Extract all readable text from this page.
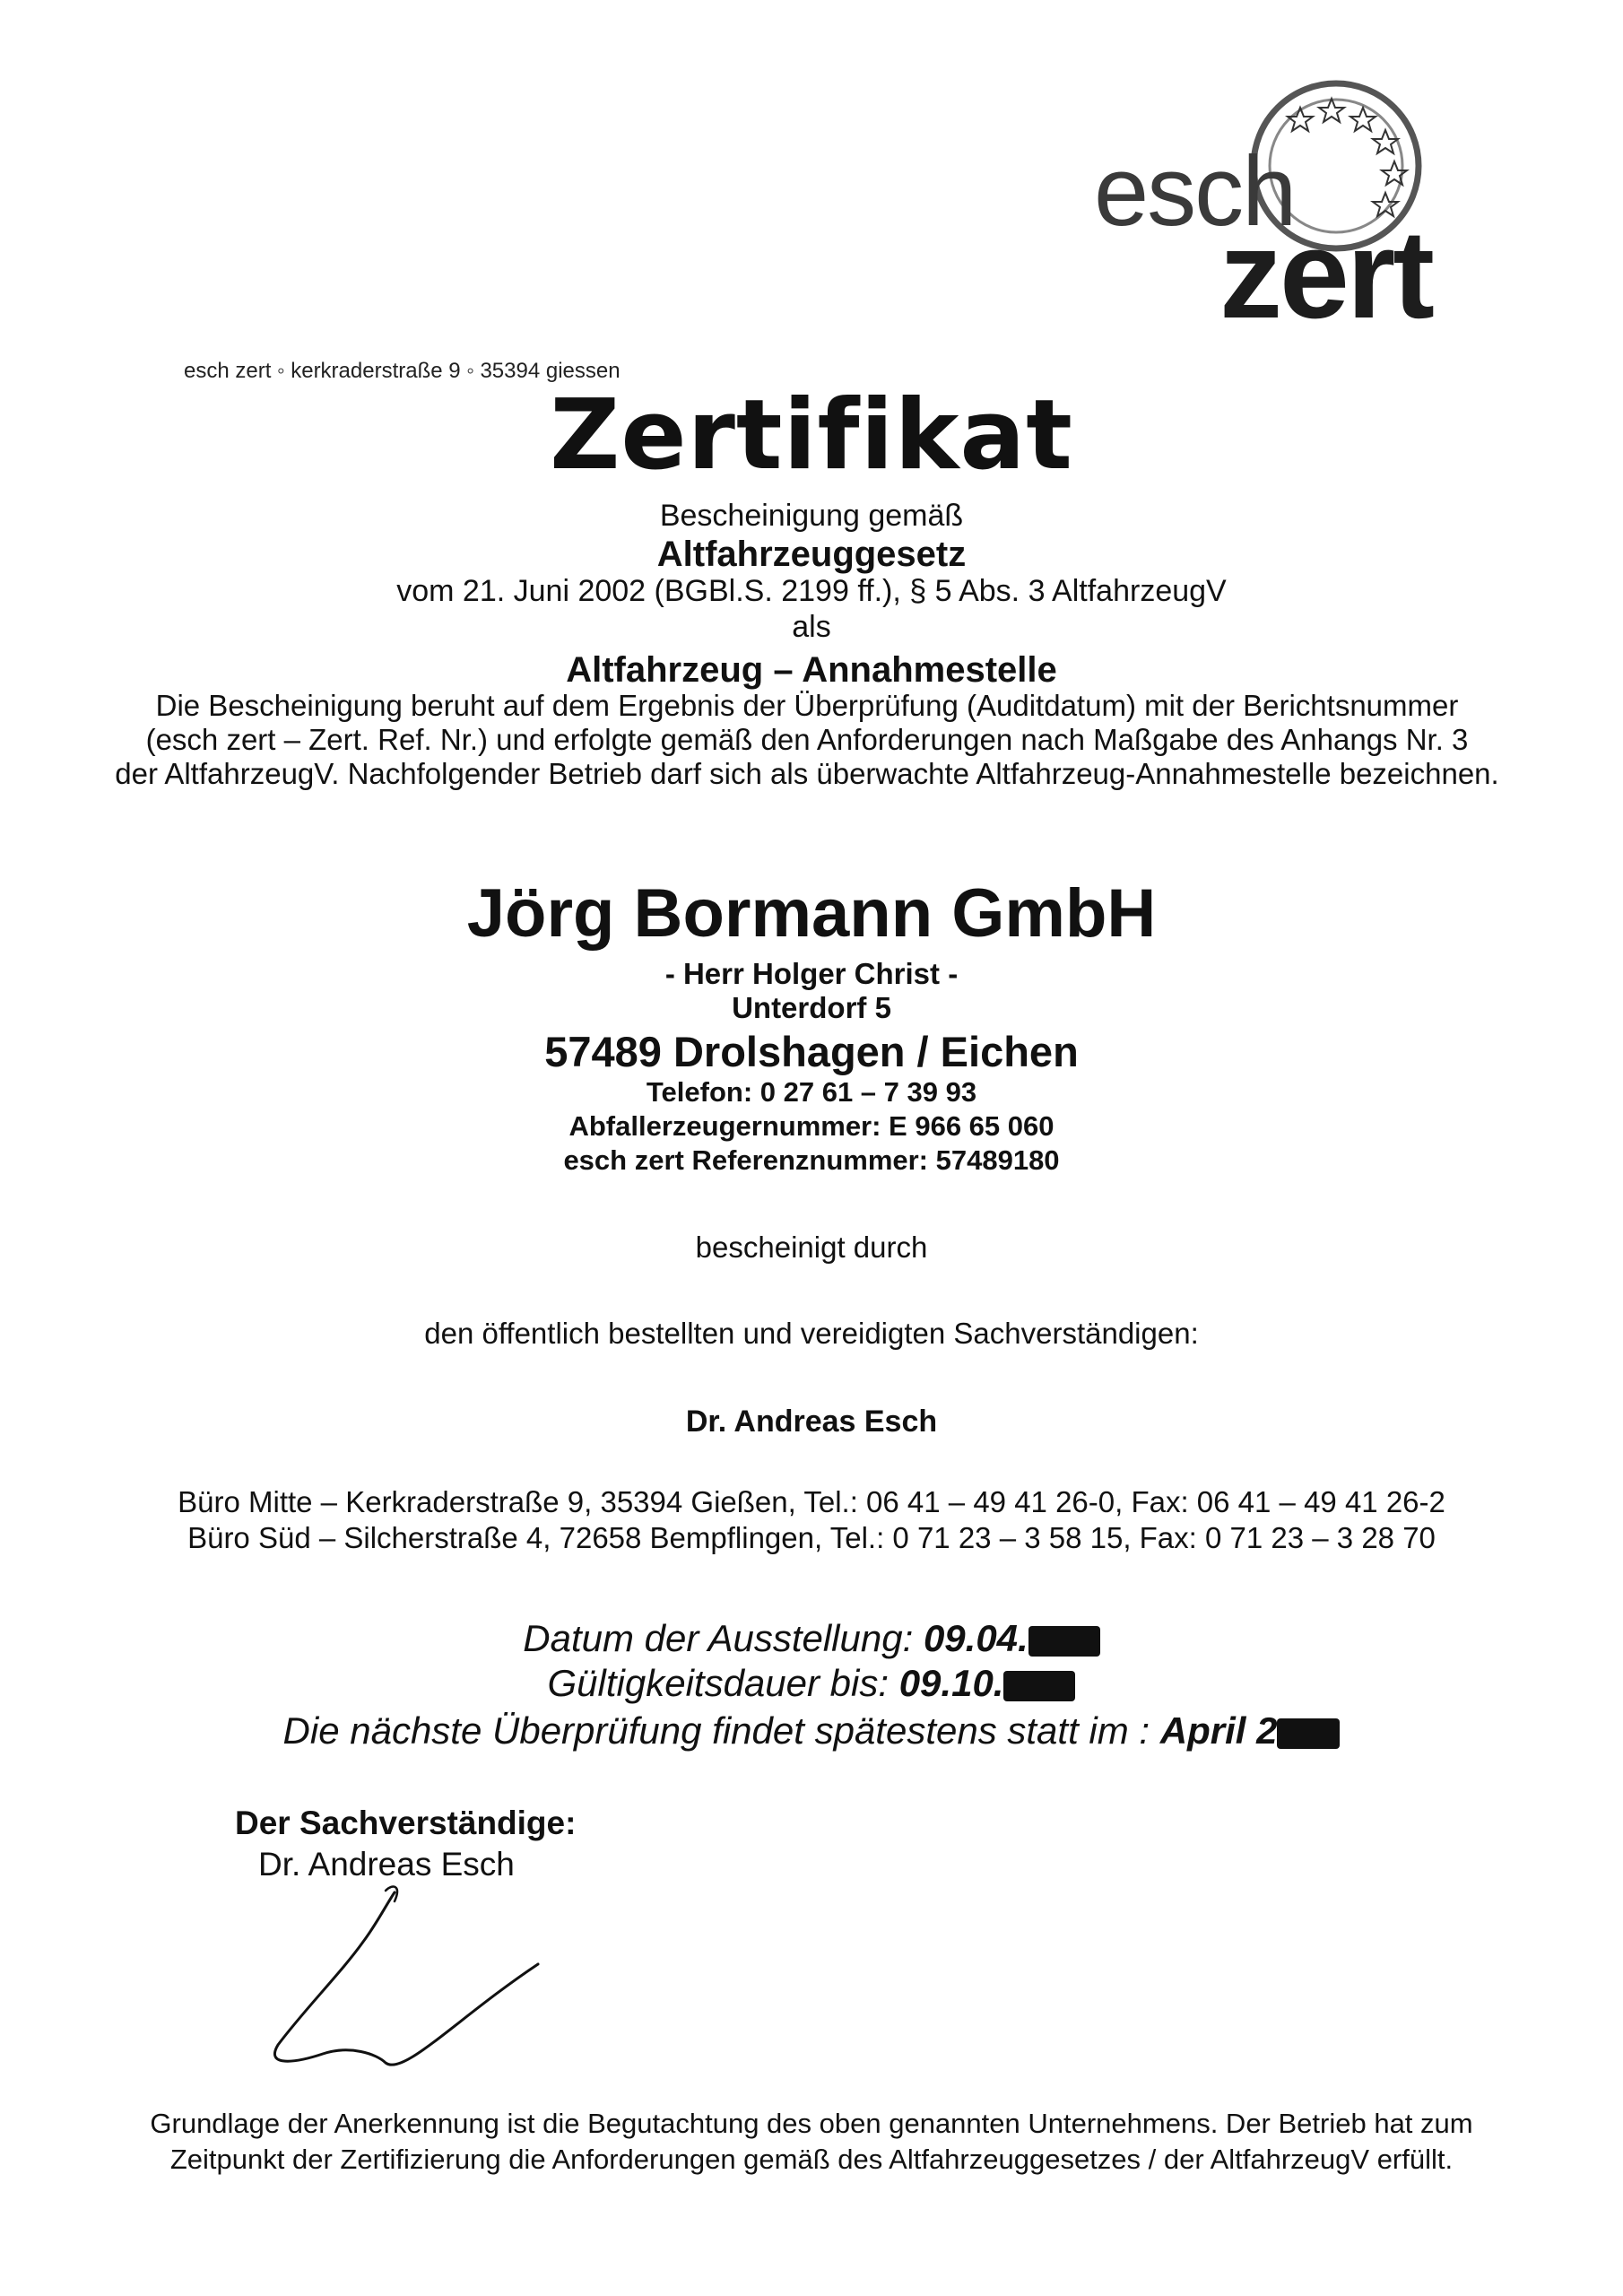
esch
zert
esch zert ◦ kerkraderstraße 9 ◦ 35394 giessen
Zertifikat
Bescheinigung gemäß
Altfahrzeuggesetz
vom 21. Juni 2002 (BGBl.S. 2199 ff.), § 5 Abs. 3 AltfahrzeugV
als
Altfahrzeug – Annahmestelle
Die Bescheinigung beruht auf dem Ergebnis der Überprüfung (Auditdatum) mit der Berichtsnummer
(esch zert – Zert. Ref. Nr.) und erfolgte gemäß den Anforderungen nach Maßgabe des Anhangs Nr. 3
der AltfahrzeugV. Nachfolgender Betrieb darf sich als überwachte Altfahrzeug-Annahmestelle bezeichnen.
Jörg Bormann GmbH
- Herr Holger Christ -
Unterdorf 5
57489 Drolshagen / Eichen
Telefon: 0 27 61 – 7 39 93
Abfallerzeugernummer: E 966 65 060
esch zert Referenznummer: 57489180
bescheinigt durch
den öffentlich bestellten und vereidigten Sachverständigen:
Dr. Andreas Esch
Büro Mitte – Kerkraderstraße 9, 35394 Gießen, Tel.: 06 41 – 49 41 26-0, Fax: 06 41 – 49 41 26-2
Büro Süd – Silcherstraße 4, 72658 Bempflingen, Tel.: 0 71 23 – 3 58 15, Fax: 0 71 23 – 3 28 70
Datum der Ausstellung: 09.04.
Gültigkeitsdauer bis: 09.10.
Die nächste Überprüfung findet spätestens statt im : April 2
Der Sachverständige:
Dr. Andreas Esch
Grundlage der Anerkennung ist die Begutachtung des oben genannten Unternehmens. Der Betrieb hat zum
Zeitpunkt der Zertifizierung die Anforderungen gemäß des Altfahrzeuggesetzes / der AltfahrzeugV erfüllt.
